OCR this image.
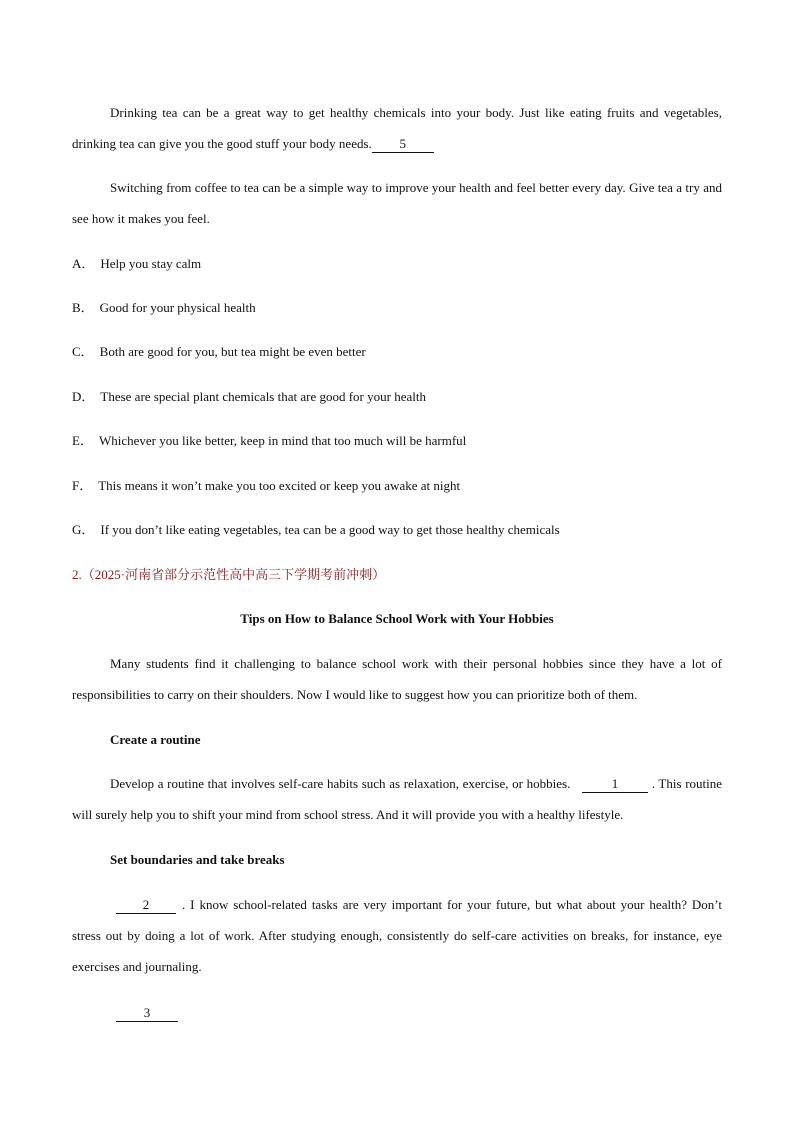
Drinking tea can be a great way to get healthy chemicals into your body. Just like eating fruits and vegetables, drinking tea can give you the good stuff your body needs. 5
Switching from coffee to tea can be a simple way to improve your health and feel better every day. Give tea a try and see how it makes you feel.
A． Help you stay calm
B． Good for your physical health
C． Both are good for you, but tea might be even better
D． These are special plant chemicals that are good for your health
E． Whichever you like better, keep in mind that too much will be harmful
F． This means it won’t make you too excited or keep you awake at night
G． If you don’t like eating vegetables, tea can be a good way to get those healthy chemicals
2.（2025·河南省部分示范性高中高三下学期考前冲刺）
Tips on How to Balance School Work with Your Hobbies
Many students find it challenging to balance school work with their personal hobbies since they have a lot of responsibilities to carry on their shoulders. Now I would like to suggest how you can prioritize both of them.
Create a routine
Develop a routine that involves self-care habits such as relaxation, exercise, or hobbies.	1	. This routine will surely help you to shift your mind from school stress. And it will provide you with a healthy lifestyle.
Set boundaries and take breaks
2	. I know school-related tasks are very important for your future, but what about your health? Don’t stress out by doing a lot of work. After studying enough, consistently do self-care activities on breaks, for instance, eye exercises and journaling.
3
